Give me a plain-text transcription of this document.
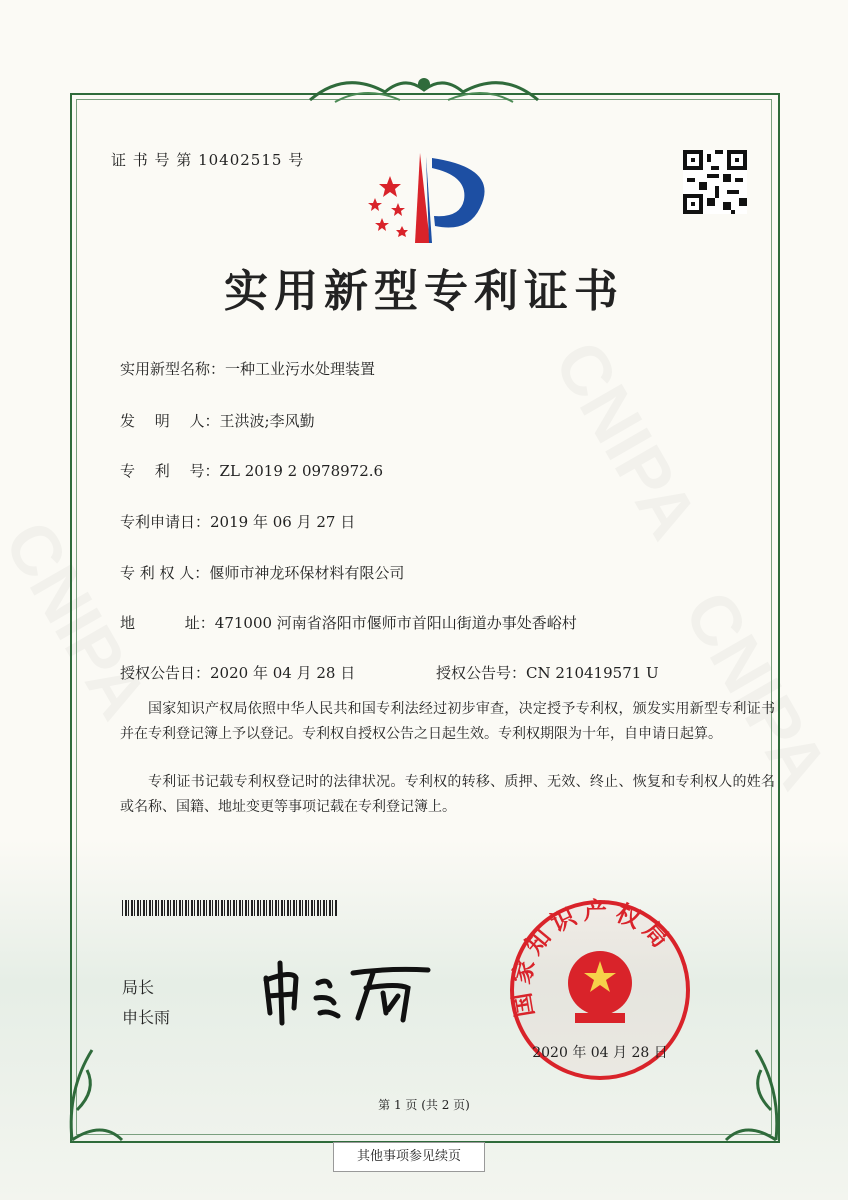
证 书 号 第 10402515 号
实用新型专利证书
实用新型名称：一种工业污水处理装置
发　 明　 人：王洪波;李风勤
专　 利　 号：ZL 2019 2 0978972.6
专利申请日：2019 年 06 月 27 日
专 利 权 人：偃师市神龙环保材料有限公司
地　　　 址：471000 河南省洛阳市偃师市首阳山街道办事处香峪村
授权公告日：2020 年 04 月 28 日	授权公告号：CN 210419571 U
国家知识产权局依照中华人民共和国专利法经过初步审查，决定授予专利权，颁发实用新型专利证书并在专利登记簿上予以登记。专利权自授权公告之日起生效。专利权期限为十年，自申请日起算。
专利证书记载专利权登记时的法律状况。专利权的转移、质押、无效、终止、恢复和专利权人的姓名或名称、国籍、地址变更等事项记载在专利登记簿上。
局长
申长雨	国家知识产权局
2020 年 04 月 28 日
第 1 页 (共 2 页)
其他事项参见续页
